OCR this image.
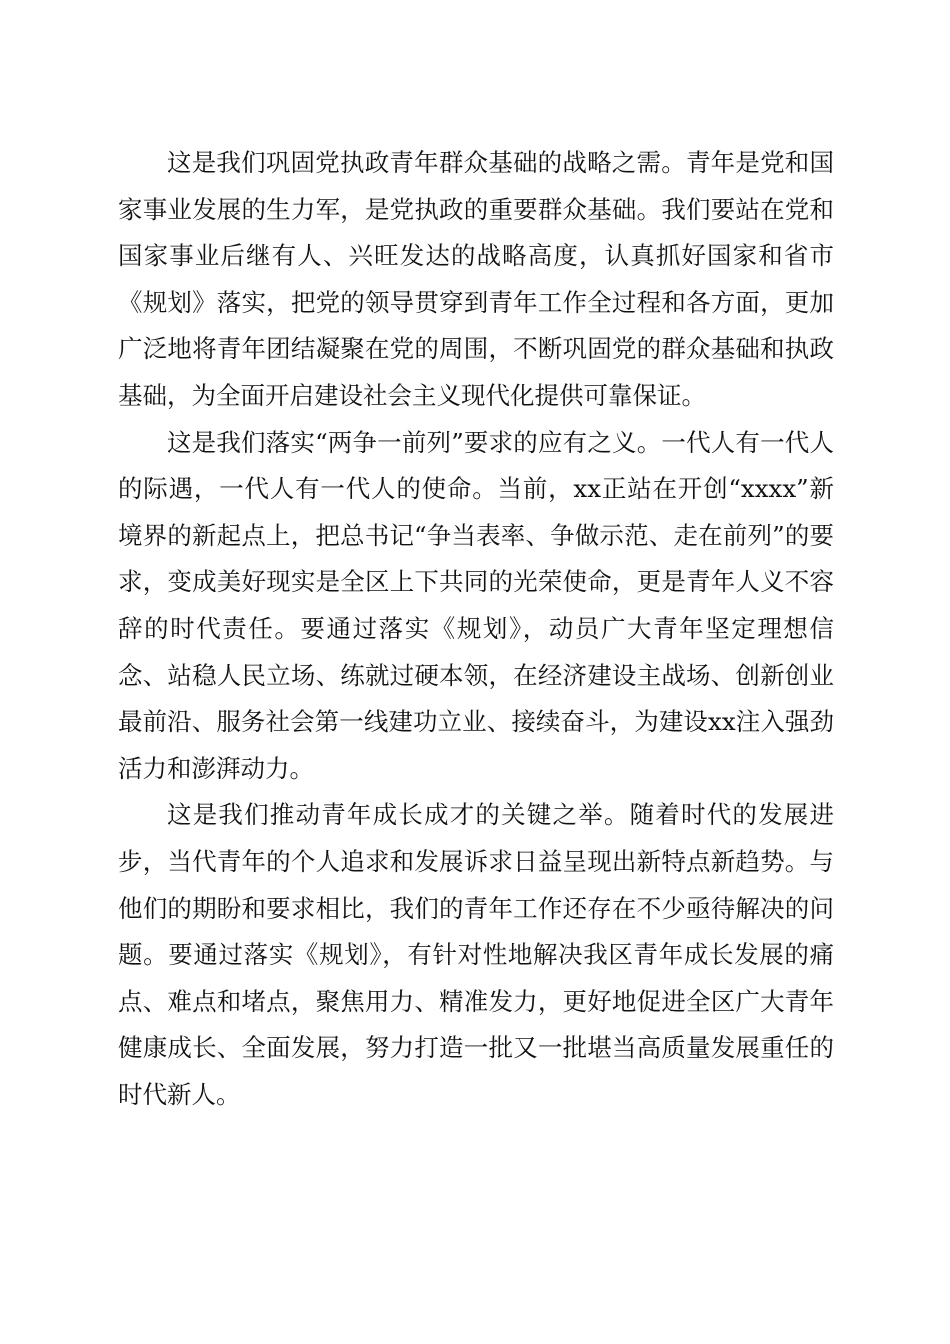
这是我们巩固党执政青年群众基础的战略之需。青年是党和国家事业发展的生力军，是党执政的重要群众基础。我们要站在党和国家事业后继有人、兴旺发达的战略高度，认真抓好国家和省市《规划》落实，把党的领导贯穿到青年工作全过程和各方面，更加广泛地将青年团结凝聚在党的周围，不断巩固党的群众基础和执政基础，为全面开启建设社会主义现代化提供可靠保证。

这是我们落实“两争一前列”要求的应有之义。一代人有一代人的际遇，一代人有一代人的使命。当前，xx正站在开创“xxxx”新境界的新起点上，把总书记“争当表率、争做示范、走在前列”的要求，变成美好现实是全区上下共同的光荣使命，更是青年人义不容辞的时代责任。要通过落实《规划》，动员广大青年坚定理想信念、站稳人民立场、练就过硬本领，在经济建设主战场、创新创业最前沿、服务社会第一线建功立业、接续奋斗，为建设xx注入强劲活力和澎湃动力。

这是我们推动青年成长成才的关键之举。随着时代的发展进步，当代青年的个人追求和发展诉求日益呈现出新特点新趋势。与他们的期盼和要求相比，我们的青年工作还存在不少亟待解决的问题。要通过落实《规划》，有针对性地解决我区青年成长发展的痛点、难点和堵点，聚焦用力、精准发力，更好地促进全区广大青年健康成长、全面发展，努力打造一批又一批堪当高质量发展重任的时代新人。
